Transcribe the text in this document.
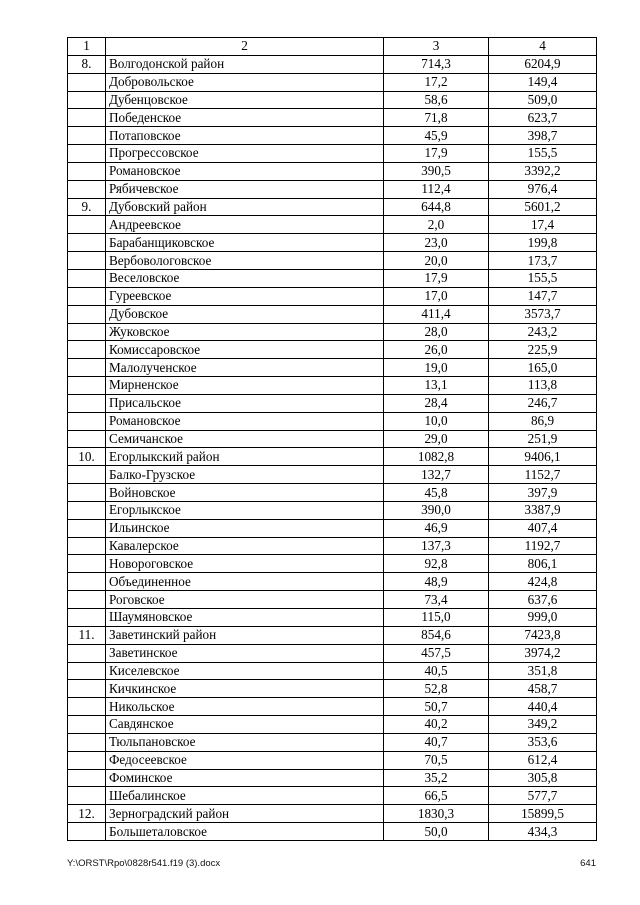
1	2	3	4
8.	Волгодонской район	714,3	6204,9
	Добровольское	17,2	149,4
	Дубенцовское	58,6	509,0
	Победенское	71,8	623,7
	Потаповское	45,9	398,7
	Прогрессовское	17,9	155,5
	Романовское	390,5	3392,2
	Рябичевское	112,4	976,4
9.	Дубовский район	644,8	5601,2
	Андреевское	2,0	17,4
	Барабанщиковское	23,0	199,8
	Вербовологовское	20,0	173,7
	Веселовское	17,9	155,5
	Гуреевское	17,0	147,7
	Дубовское	411,4	3573,7
	Жуковское	28,0	243,2
	Комиссаровское	26,0	225,9
	Малолученское	19,0	165,0
	Мирненское	13,1	113,8
	Присальское	28,4	246,7
	Романовское	10,0	86,9
	Семичанское	29,0	251,9
10.	Егорлыкский район	1082,8	9406,1
	Балко-Грузское	132,7	1152,7
	Войновское	45,8	397,9
	Егорлыкское	390,0	3387,9
	Ильинское	46,9	407,4
	Кавалерское	137,3	1192,7
	Новороговское	92,8	806,1
	Объединенное	48,9	424,8
	Роговское	73,4	637,6
	Шаумяновское	115,0	999,0
11.	Заветинский район	854,6	7423,8
	Заветинское	457,5	3974,2
	Киселевское	40,5	351,8
	Кичкинское	52,8	458,7
	Никольское	50,7	440,4
	Савдянское	40,2	349,2
	Тюльпановское	40,7	353,6
	Федосеевское	70,5	612,4
	Фоминское	35,2	305,8
	Шебалинское	66,5	577,7
12.	Зерноградский район	1830,3	15899,5
	Большеталовское	50,0	434,3
Y:\ORST\Rpo\0828r541.f19 (3).docx	641
